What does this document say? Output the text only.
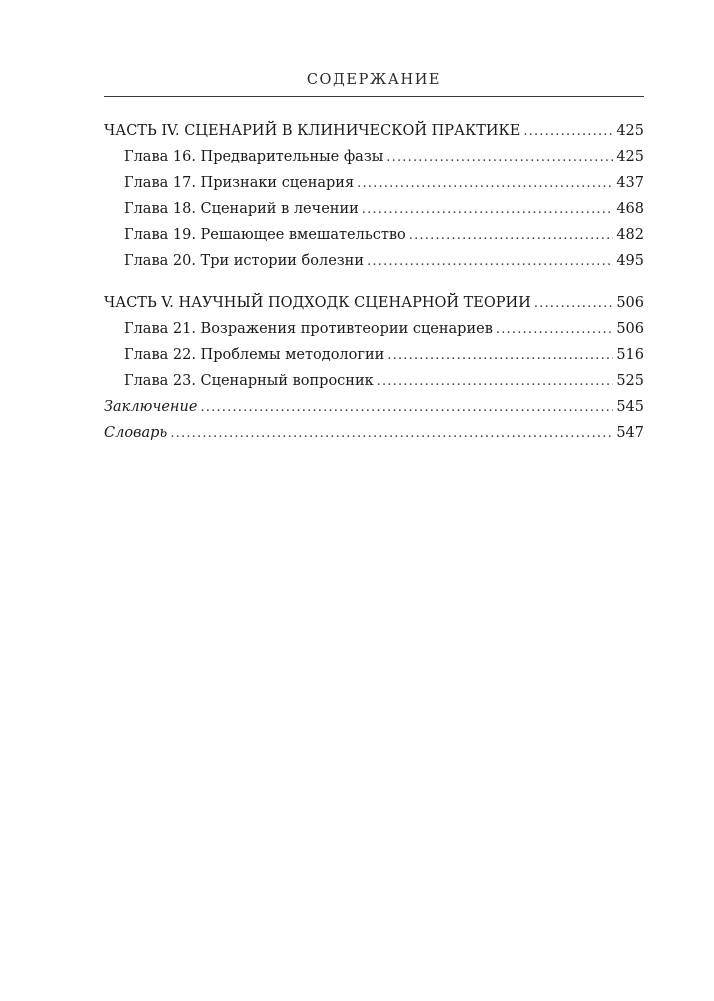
СОДЕРЖАНИЕ
ЧАСТЬ IV. СЦЕНАРИЙ В КЛИНИЧЕСКОЙ ПРАКТИКЕ .....	425
Глава 16. Предварительные фазы .....	425
Глава 17. Признаки сценария .....	437
Глава 18. Сценарий в лечении .....	468
Глава 19. Решающее вмешательство .....	482
Глава 20. Три истории болезни .....	495
ЧАСТЬ V. НАУЧНЫЙ ПОДХОДК СЦЕНАРНОЙ ТЕОРИИ .....	506
Глава 21. Возражения противтеории сценариев .....	506
Глава 22. Проблемы методологии .....	516
Глава 23. Сценарный вопросник .....	525
Заключение .....	545
Словарь .....	547
